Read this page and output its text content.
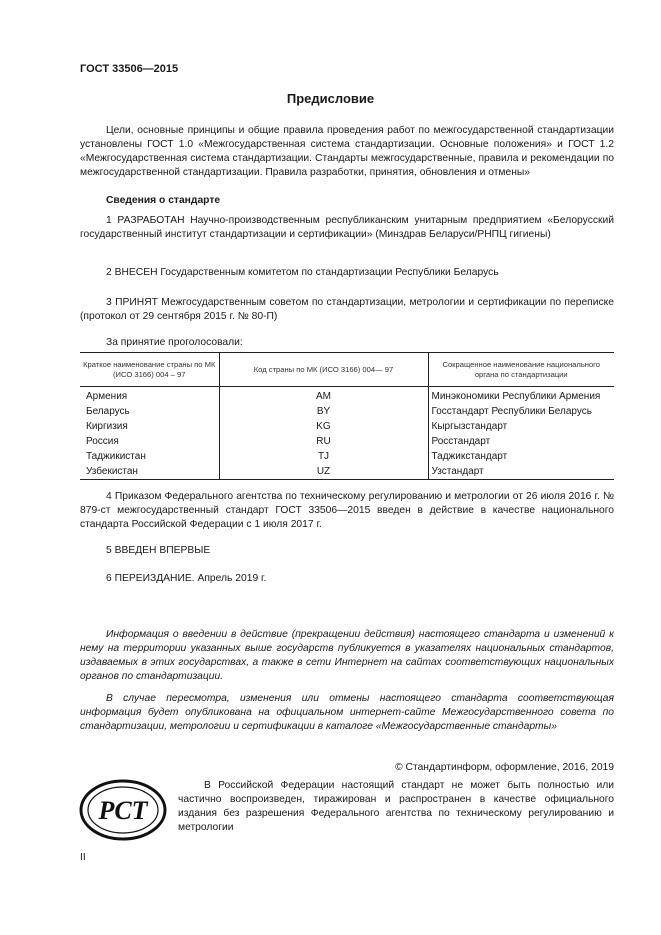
ГОСТ 33506—2015
Предисловие
Цели, основные принципы и общие правила проведения работ по межгосударственной стандартизации установлены ГОСТ 1.0 «Межгосударственная система стандартизации. Основные положения» и ГОСТ 1.2 «Межгосударственная система стандартизации. Стандарты межгосударственные, правила и рекомендации по межгосударственной стандартизации. Правила разработки, принятия, обновления и отмены»
Сведения о стандарте
1 РАЗРАБОТАН Научно-производственным республиканским унитарным предприятием «Белорусский государственный институт стандартизации и сертификации» (Минздрав Беларуси/РНПЦ гигиены)
2 ВНЕСЕН Государственным комитетом по стандартизации Республики Беларусь
3 ПРИНЯТ Межгосударственным советом по стандартизации, метрологии и сертификации по переписке (протокол от 29 сентября 2015 г. № 80-П)
За принятие проголосовали:
Краткое наименование страны по МК (ИСО 3166) 004 – 97	Код страны по МК (ИСО 3166) 004— 97	Сокращенное наименование национального органа по стандартизации
Армения	AM	Минэкономики Республики Армения
Беларусь	BY	Госстандарт Республики Беларусь
Киргизия	KG	Кыргызстандарт
Россия	RU	Росстандарт
Таджикистан	TJ	Таджикстандарт
Узбекистан	UZ	Узстандарт
4 Приказом Федерального агентства по техническому регулированию и метрологии от 26 июля 2016 г. № 879-ст межгосударственный стандарт ГОСТ 33506—2015 введен в действие в качестве национального стандарта Российской Федерации с 1 июля 2017 г.
5 ВВЕДЕН ВПЕРВЫЕ
6 ПЕРЕИЗДАНИЕ. Апрель 2019 г.
Информация о введении в действие (прекращении действия) настоящего стандарта и изменений к нему на территории указанных выше государств публикуется в указателях национальных стандартов, издаваемых в этих государствах, а также в сети Интернет на сайтах соответствующих национальных органов по стандартизации.
В случае пересмотра, изменения или отмены настоящего стандарта соответствующая информация будет опубликована на официальном интернет-сайте Межгосударственного совета по стандартизации, метрологии и сертификации в каталоге «Межгосударственные стандарты»
© Стандартинформ, оформление, 2016, 2019
РСТ
В Российской Федерации настоящий стандарт не может быть полностью или частично воспроизведен, тиражирован и распространен в качестве официального издания без разрешения Федерального агентства по техническому регулированию и метрологии
II
